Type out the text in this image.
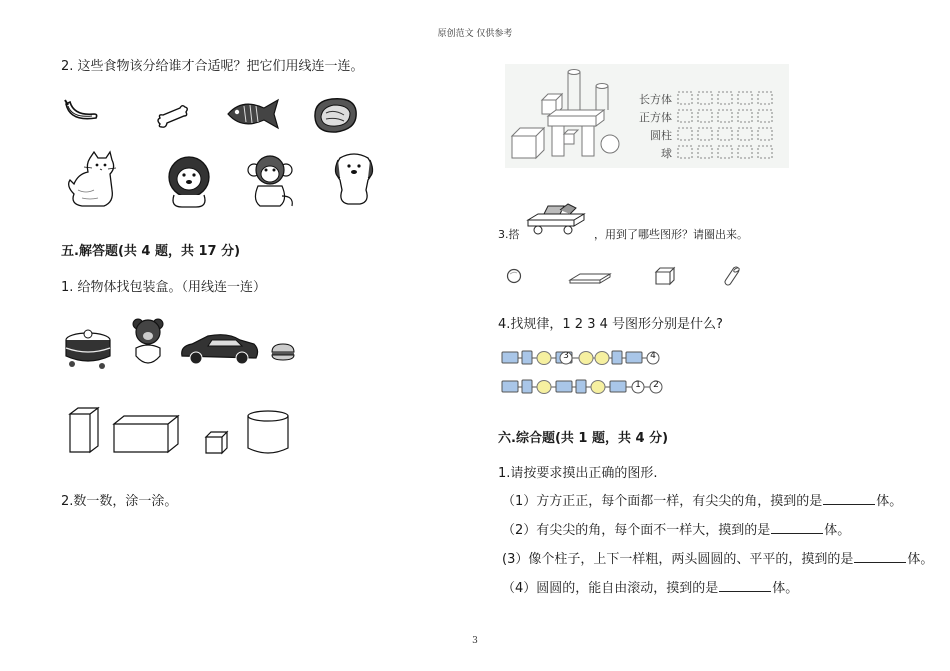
原创范文 仅供参考
3
2. 这些食物该分给谁才合适呢？把它们用线连一连。
五.解答题(共 4 题，共 17 分)
1. 给物体找包装盒。（用线连一连）
2.数一数，涂一涂。
长方体
正方体
圆柱
球
3.搭	，用到了哪些图形？请圈出来。
4.找规律，1 2 3 4 号图形分别是什么?
3	4
1 2
六.综合题(共 1 题，共 4 分)
1.请按要求摸出正确的图形.
（1）方方正正，每个面都一样，有尖尖的角，摸到的是	体。
（2）有尖尖的角，每个面不一样大，摸到的是	体。
(3）像个柱子，上下一样粗，两头圆圆的、平平的，摸到的是	体。
（4）圆圆的，能自由滚动，摸到的是	体。
